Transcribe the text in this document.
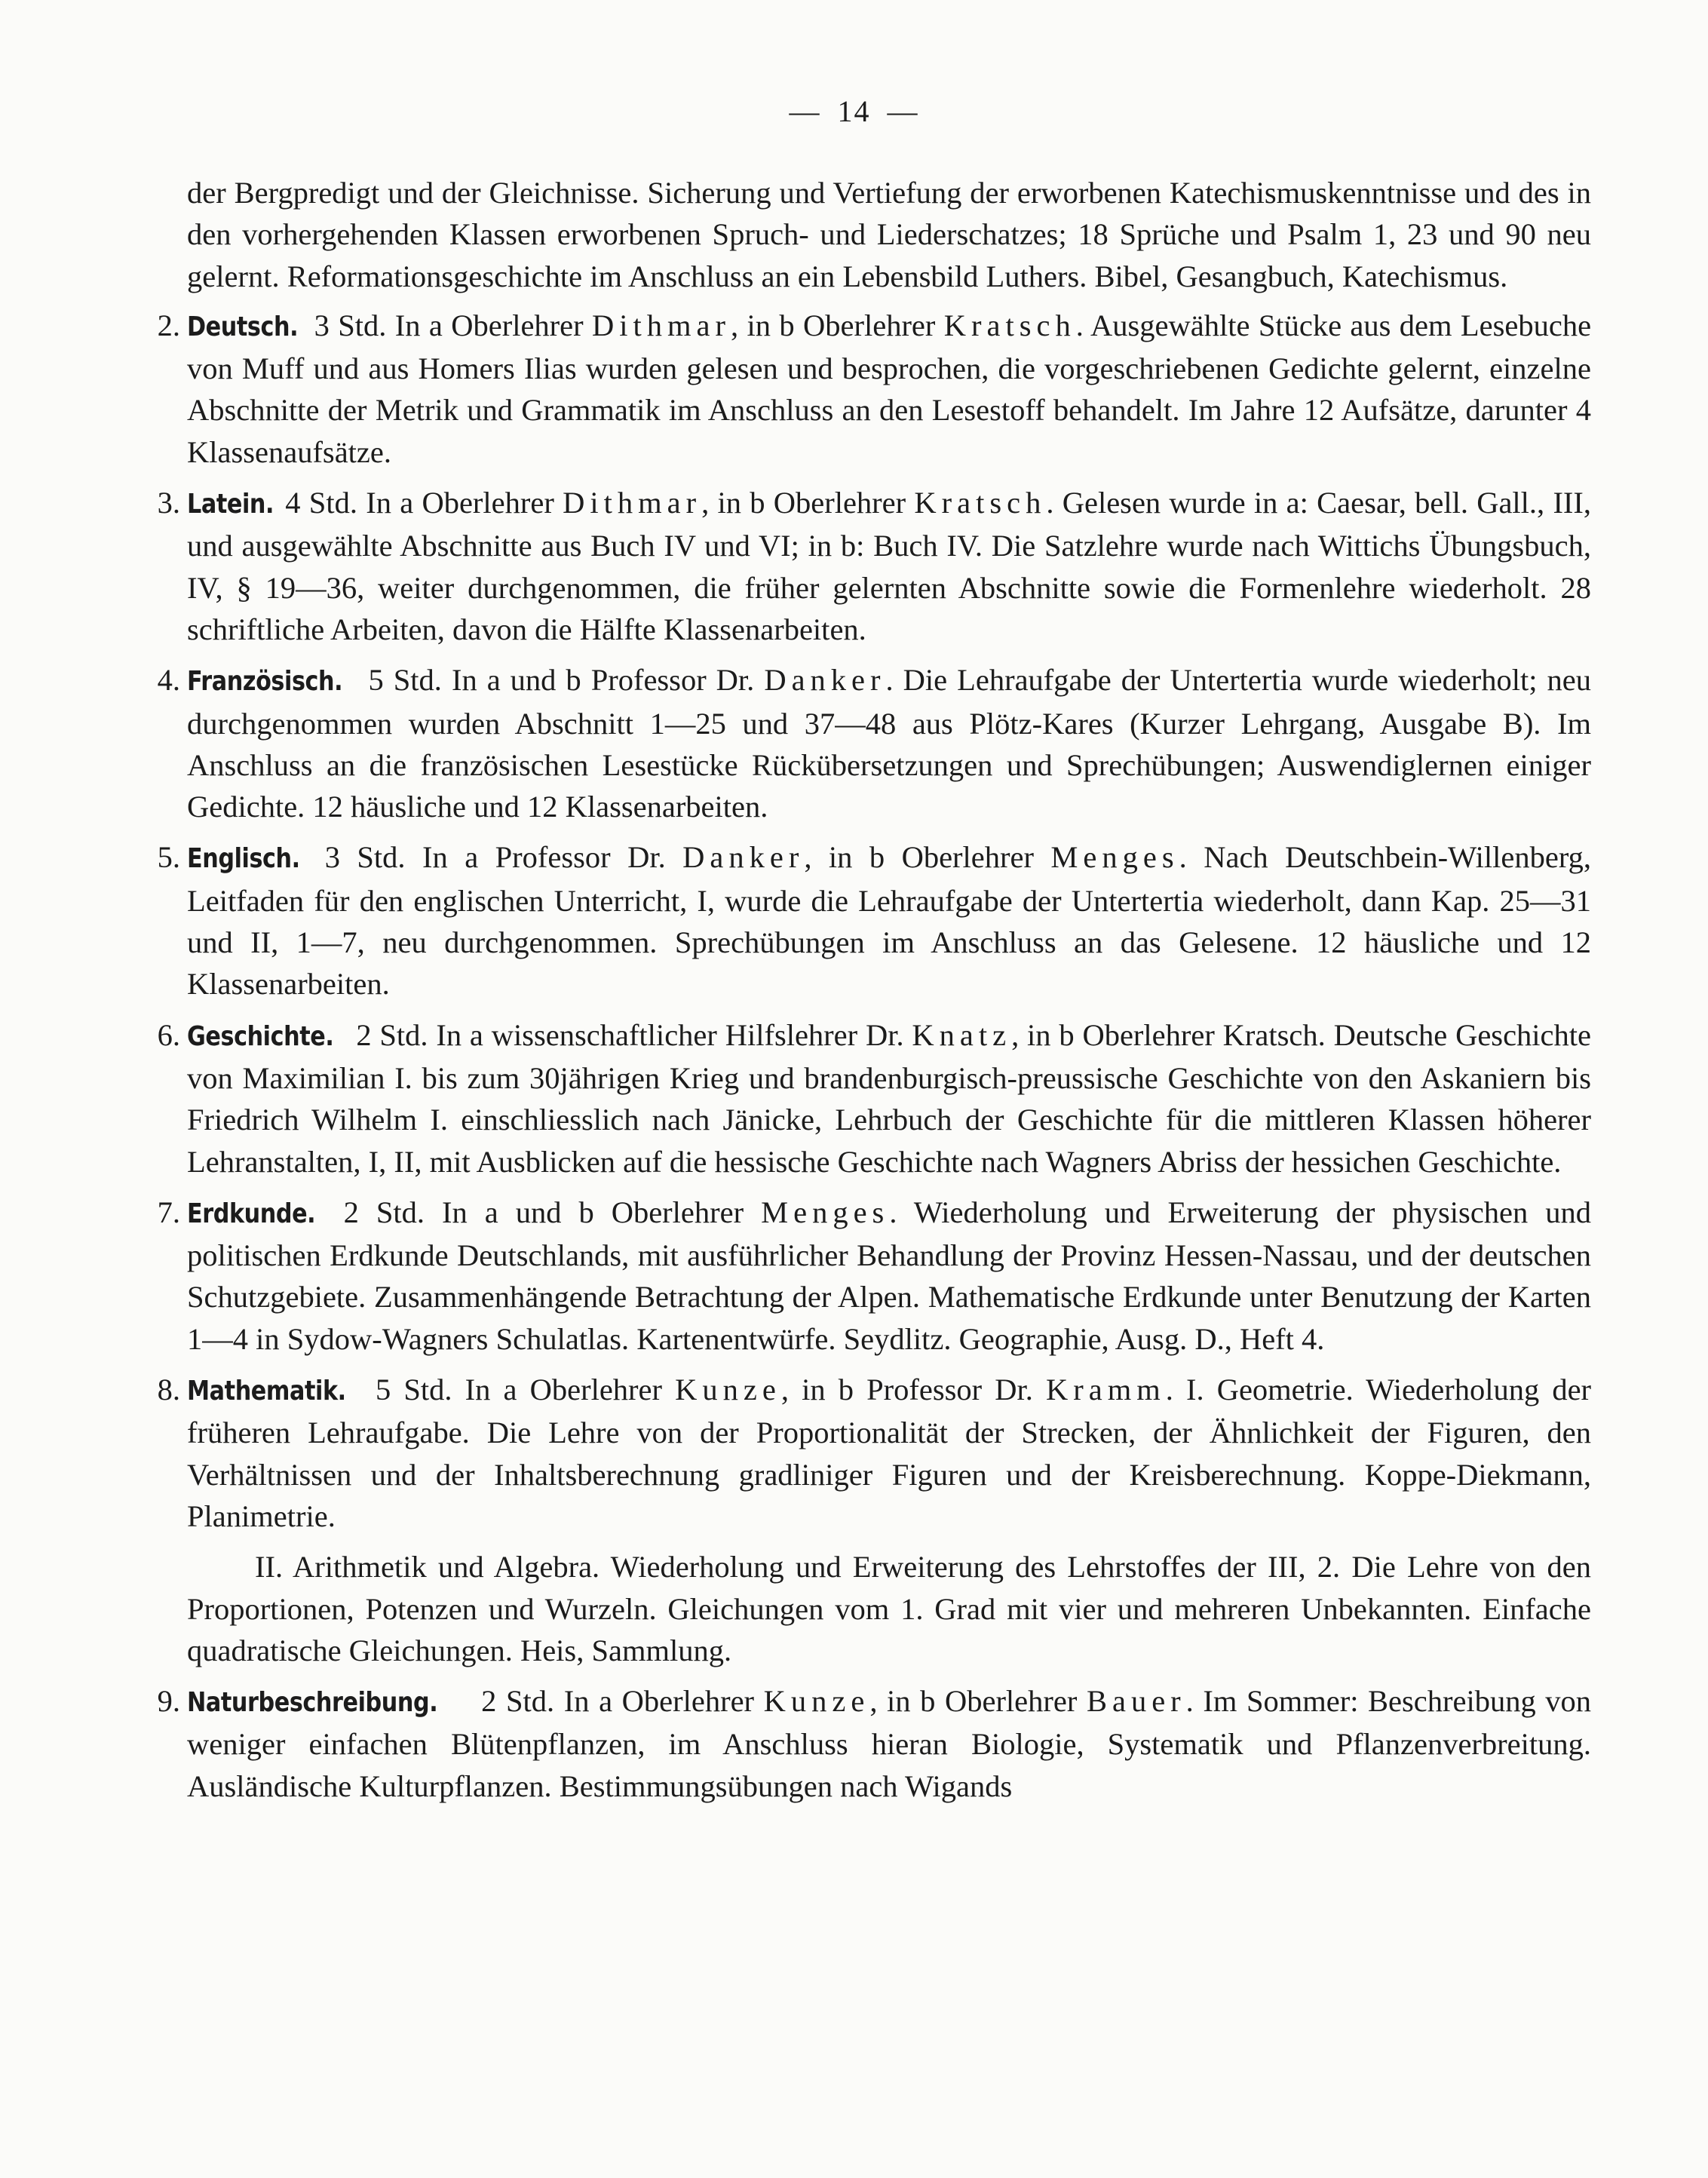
— 14 —

der Bergpredigt und der Gleichnisse. Sicherung und Vertiefung der erworbenen Katechismuskenntnisse und des in den vorhergehenden Klassen erworbenen Spruch- und Liederschatzes; 18 Sprüche und Psalm 1, 23 und 90 neu gelernt. Reformationsgeschichte im Anschluss an ein Lebensbild Luthers. Bibel, Gesangbuch, Katechismus.

2. Deutsch. 3 Std. In a Oberlehrer Dithmar, in b Oberlehrer Kratsch. Ausgewählte Stücke aus dem Lesebuche von Muff und aus Homers Ilias wurden gelesen und besprochen, die vorgeschriebenen Gedichte gelernt, einzelne Abschnitte der Metrik und Grammatik im Anschluss an den Lesestoff behandelt. Im Jahre 12 Aufsätze, darunter 4 Klassenaufsätze.

3. Latein. 4 Std. In a Oberlehrer Dithmar, in b Oberlehrer Kratsch. Gelesen wurde in a: Caesar, bell. Gall., III, und ausgewählte Abschnitte aus Buch IV und VI; in b: Buch IV. Die Satzlehre wurde nach Wittichs Übungsbuch, IV, § 19—36, weiter durchgenommen, die früher gelernten Abschnitte sowie die Formenlehre wiederholt. 28 schriftliche Arbeiten, davon die Hälfte Klassenarbeiten.

4. Französisch. 5 Std. In a und b Professor Dr. Danker. Die Lehraufgabe der Untertertia wurde wiederholt; neu durchgenommen wurden Abschnitt 1—25 und 37—48 aus Plötz-Kares (Kurzer Lehrgang, Ausgabe B). Im Anschluss an die französischen Lesestücke Rückübersetzungen und Sprechübungen; Auswendiglernen einiger Gedichte. 12 häusliche und 12 Klassenarbeiten.

5. Englisch. 3 Std. In a Professor Dr. Danker, in b Oberlehrer Menges. Nach Deutschbein-Willenberg, Leitfaden für den englischen Unterricht, I, wurde die Lehraufgabe der Untertertia wiederholt, dann Kap. 25—31 und II, 1—7, neu durchgenommen. Sprechübungen im Anschluss an das Gelesene. 12 häusliche und 12 Klassenarbeiten.

6. Geschichte. 2 Std. In a wissenschaftlicher Hilfslehrer Dr. Knatz, in b Oberlehrer Kratsch. Deutsche Geschichte von Maximilian I. bis zum 30jährigen Krieg und brandenburgisch-preussische Geschichte von den Askaniern bis Friedrich Wilhelm I. einschliesslich nach Jänicke, Lehrbuch der Geschichte für die mittleren Klassen höherer Lehranstalten, I, II, mit Ausblicken auf die hessische Geschichte nach Wagners Abriss der hessichen Geschichte.

7. Erdkunde. 2 Std. In a und b Oberlehrer Menges. Wiederholung und Erweiterung der physischen und politischen Erdkunde Deutschlands, mit ausführlicher Behandlung der Provinz Hessen-Nassau, und der deutschen Schutzgebiete. Zusammenhängende Betrachtung der Alpen. Mathematische Erdkunde unter Benutzung der Karten 1—4 in Sydow-Wagners Schulatlas. Kartenentwürfe. Seydlitz. Geographie, Ausg. D., Heft 4.

8. Mathematik. 5 Std. In a Oberlehrer Kunze, in b Professor Dr. Kramm. I. Geometrie. Wiederholung der früheren Lehraufgabe. Die Lehre von der Proportionalität der Strecken, der Ähnlichkeit der Figuren, den Verhältnissen und der Inhaltsberechnung gradliniger Figuren und der Kreisberechnung. Koppe-Diekmann, Planimetrie.

II. Arithmetik und Algebra. Wiederholung und Erweiterung des Lehrstoffes der III, 2. Die Lehre von den Proportionen, Potenzen und Wurzeln. Gleichungen vom 1. Grad mit vier und mehreren Unbekannten. Einfache quadratische Gleichungen. Heis, Sammlung.

9. Naturbeschreibung. 2 Std. In a Oberlehrer Kunze, in b Oberlehrer Bauer. Im Sommer: Beschreibung von weniger einfachen Blütenpflanzen, im Anschluss hieran Biologie, Systematik und Pflanzenverbreitung. Ausländische Kulturpflanzen. Bestimmungsübungen nach Wigands
